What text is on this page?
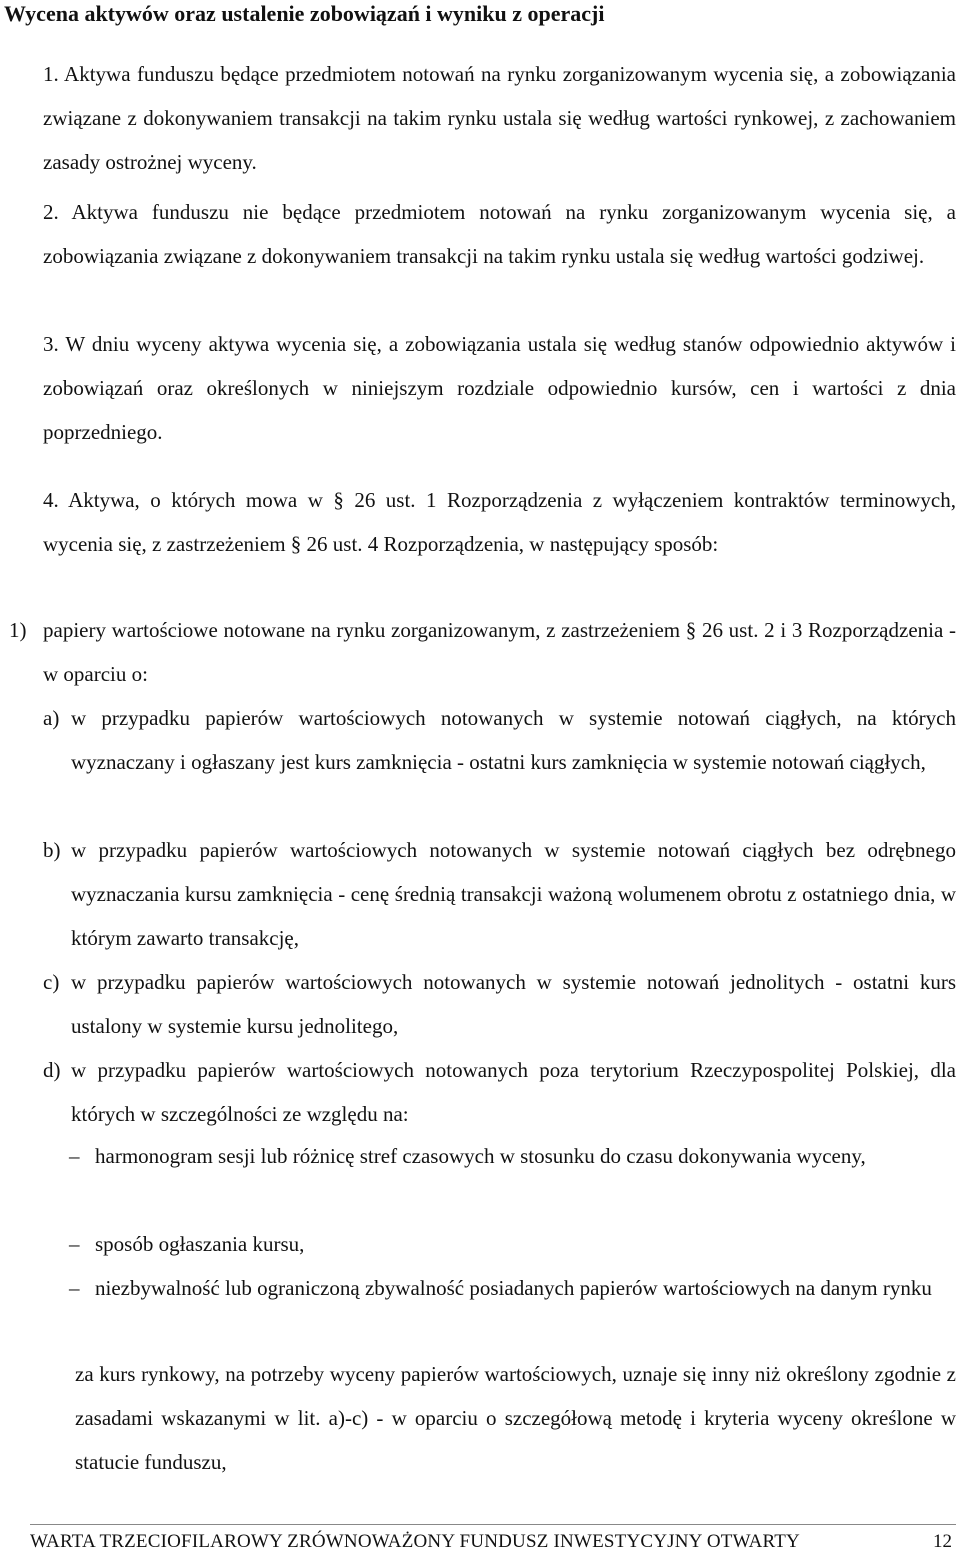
Wycena aktywów oraz ustalenie zobowiązań i wyniku z operacji

1. Aktywa funduszu będące przedmiotem notowań na rynku zorganizowanym wycenia się, a zobowiązania związane z dokonywaniem transakcji na takim rynku ustala się według wartości rynkowej, z zachowaniem zasady ostrożnej wyceny.

2. Aktywa funduszu nie będące przedmiotem notowań na rynku zorganizowanym wycenia się, a zobowiązania związane z dokonywaniem transakcji na takim rynku ustala się według wartości godziwej.

3. W dniu wyceny aktywa wycenia się, a zobowiązania ustala się według stanów odpowiednio aktywów i zobowiązań oraz określonych w niniejszym rozdziale odpowiednio kursów, cen i wartości z dnia poprzedniego.

4. Aktywa, o których mowa w § 26 ust. 1 Rozporządzenia z wyłączeniem kontraktów terminowych, wycenia się, z zastrzeżeniem § 26 ust. 4 Rozporządzenia, w następujący sposób:

1) papiery wartościowe notowane na rynku zorganizowanym, z zastrzeżeniem § 26 ust. 2 i 3 Rozporządzenia - w oparciu o:
a) w przypadku papierów wartościowych notowanych w systemie notowań ciągłych, na których wyznaczany i ogłaszany jest kurs zamknięcia - ostatni kurs zamknięcia w systemie notowań ciągłych,
b) w przypadku papierów wartościowych notowanych w systemie notowań ciągłych bez odrębnego wyznaczania kursu zamknięcia - cenę średnią transakcji ważoną wolumenem obrotu z ostatniego dnia, w którym zawarto transakcję,
c) w przypadku papierów wartościowych notowanych w systemie notowań jednolitych - ostatni kurs ustalony w systemie kursu jednolitego,
d) w przypadku papierów wartościowych notowanych poza terytorium Rzeczypospolitej Polskiej, dla których w szczególności ze względu na:
– harmonogram sesji lub różnicę stref czasowych w stosunku do czasu dokonywania wyceny,
– sposób ogłaszania kursu,
– niezbywalność lub ograniczoną zbywalność posiadanych papierów wartościowych na danym rynku

za kurs rynkowy, na potrzeby wyceny papierów wartościowych, uznaje się inny niż określony zgodnie z zasadami wskazanymi w lit. a)-c) - w oparciu o szczegółową metodę i kryteria wyceny określone w statucie funduszu,

WARTA TRZECIOFILAROWY ZRÓWNOWAŻONY FUNDUSZ INWESTYCYJNY OTWARTY	12
